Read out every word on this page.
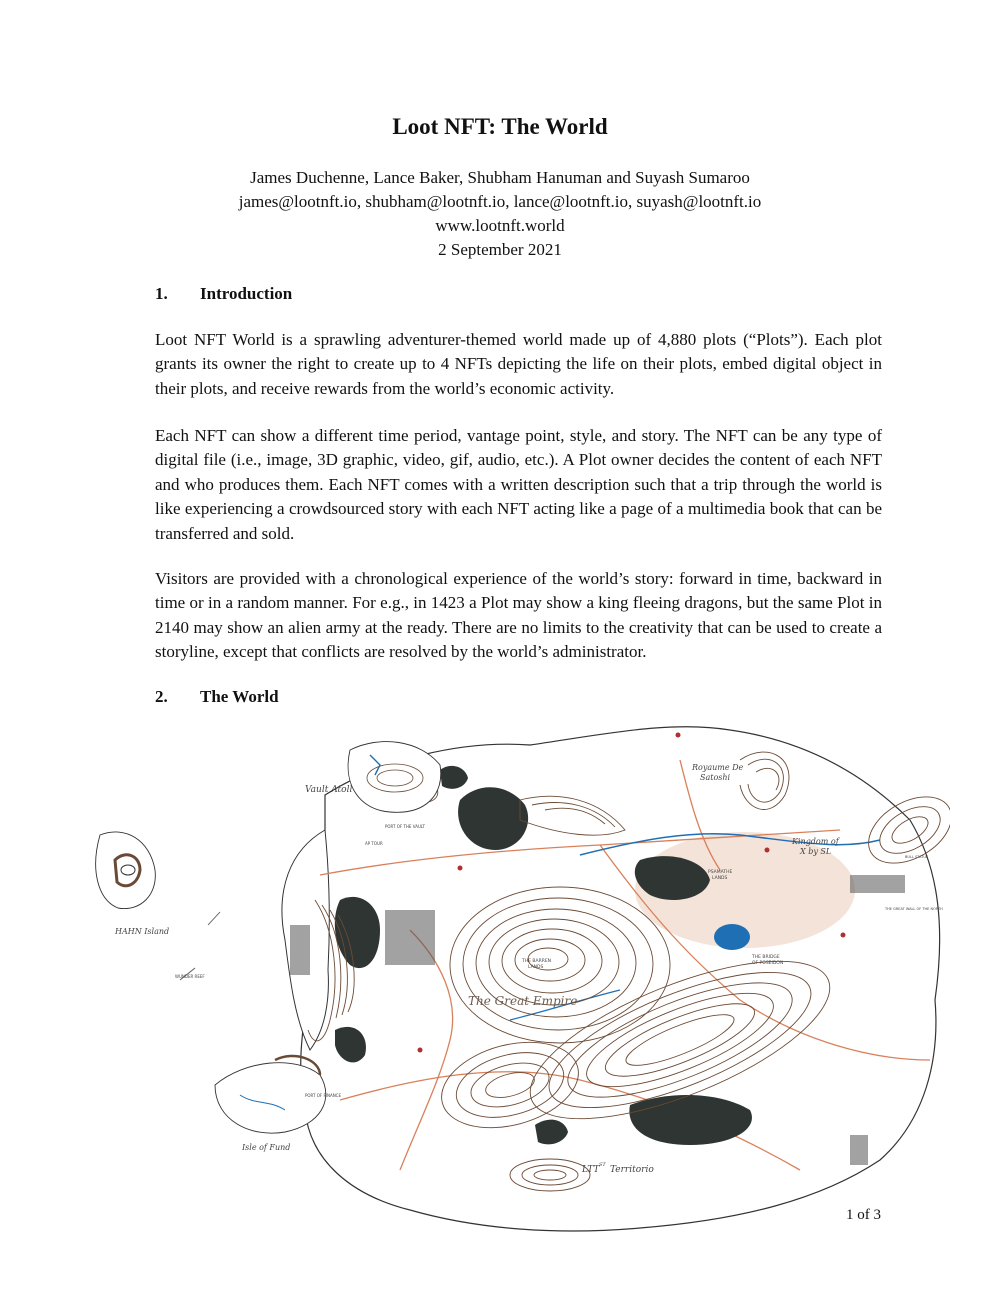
Loot NFT: The World
James Duchenne, Lance Baker, Shubham Hanuman and Suyash Sumaroo
james@lootnft.io, shubham@lootnft.io, lance@lootnft.io, suyash@lootnft.io
www.lootnft.world
2 September 2021
1. Introduction

Loot NFT World is a sprawling adventurer-themed world made up of 4,880 plots (“Plots”). Each plot grants its owner the right to create up to 4 NFTs depicting the life on their plots, embed digital object in their plots, and receive rewards from the world’s economic activity.

Each NFT can show a different time period, vantage point, style, and story. The NFT can be any type of digital file (i.e., image, 3D graphic, video, gif, audio, etc.). A Plot owner decides the content of each NFT and who produces them. Each NFT comes with a written description such that a trip through the world is like experiencing a crowdsourced story with each NFT acting like a page of a multimedia book that can be transferred and sold.

Visitors are provided with a chronological experience of the world’s story: forward in time, backward in time or in a random manner. For e.g., in 1423 a Plot may show a king fleeing dragons, but the same Plot in 2140 may show an alien army at the ready. There are no limits to the creativity that can be used to create a storyline, except that conflicts are resolved by the world’s administrator.

2. The World
Vault Atoll
PORT OF THE VAULT
HAHN Island
WUNDER REEF
Royaume De
Satoshi
Kingdom of
X by SL
PSAMATHE
LANDS
THE BARREN
LANDS
The Great Empire
THE BRIDGE
OF POSEIDON
THE GREAT WALL OF THE NORTH
Isle of Fund
PORT OF FINANCE
LTT ST Territorio
AP TOUR
BULL STATUE
1 of 3
